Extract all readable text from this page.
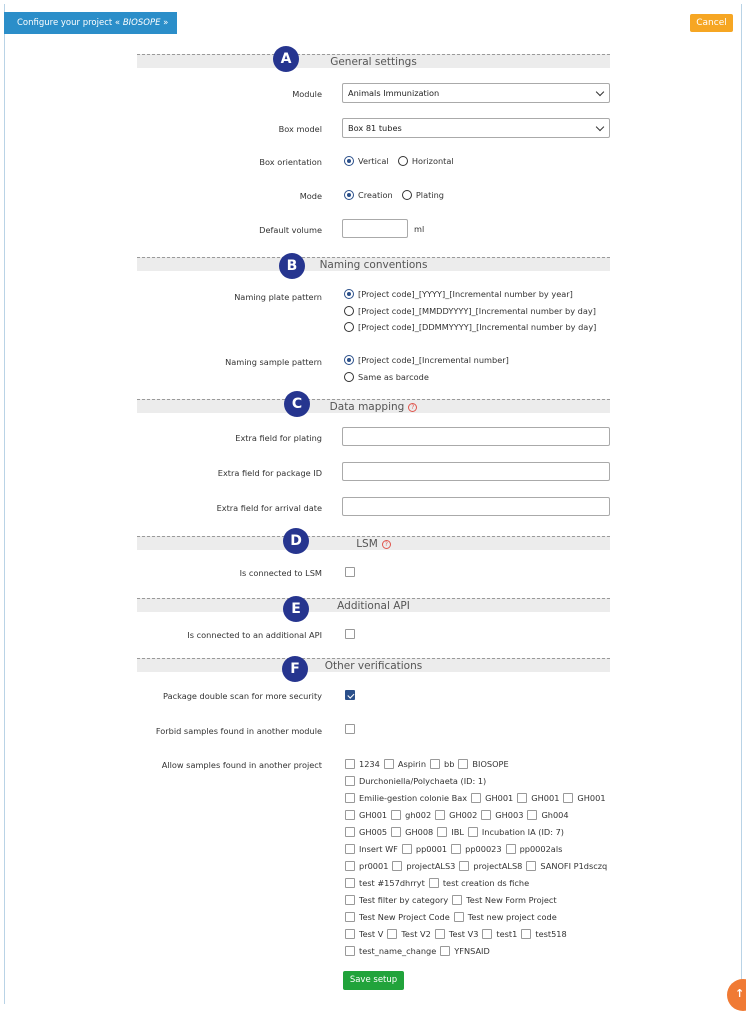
Configure your project « BIOSOPE »	Cancel
General settings
A
Module	Animals Immunization
Box model	Box 81 tubes
Box orientation	Vertical	Horizontal
Mode	Creation	Plating
Default volume	ml
Naming conventions
B
Naming plate pattern	[Project code]_[YYYY]_[Incremental number by year]
[Project code]_[MMDDYYYY]_[Incremental number by day]
[Project code]_[DDMMYYYY]_[Incremental number by day]
Naming sample pattern	[Project code]_[Incremental number]
Same as barcode
Data mapping ?
C
Extra field for plating
Extra field for package ID
Extra field for arrival date
LSM ?
D
Is connected to LSM
Additional API
E
Is connected to an additional API
Other verifications
F
Package double scan for more security
Forbid samples found in another module
Allow samples found in another project	1234 Aspirin bb BIOSOPE
Durchoniella/Polychaeta (ID: 1)
Emilie-gestion colonie Bax GH001 GH001 GH001
GH001 gh002 GH002 GH003 Gh004
GH005 GH008 IBL Incubation IA (ID: 7)
Insert WF pp0001 pp00023 pp0002als
pr0001 projectALS3 projectALS8 SANOFI P1dsczq
test #157dhrryt test creation ds fiche
Test filter by category Test New Form Project
Test New Project Code Test new project code
Test V Test V2 Test V3 test1 test518
test_name_change YFNSAID
Save setup
↑
